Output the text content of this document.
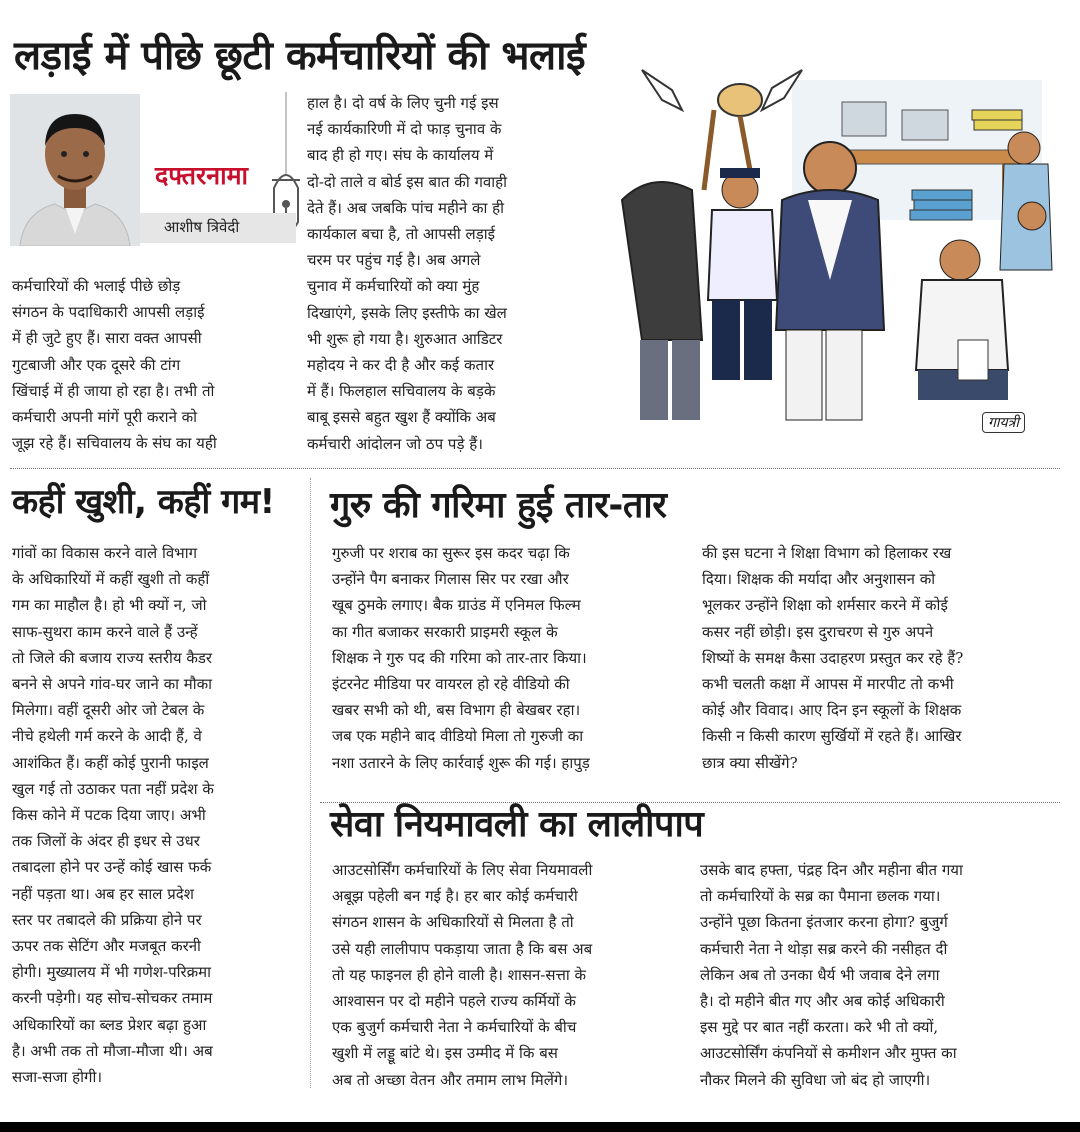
लड़ाई में पीछे छूटी कर्मचारियों की भलाई
दफ्तरनामा
आशीष त्रिवेदी

कर्मचारियों की भलाई पीछे छोड़
संगठन के पदाधिकारी आपसी लड़ाई
में ही जुटे हुए हैं। सारा वक्त आपसी
गुटबाजी और एक दूसरे की टांग
खिंचाई में ही जाया हो रहा है। तभी तो
कर्मचारी अपनी मांगें पूरी कराने को
जूझ रहे हैं। सचिवालय के संघ का यही

हाल है। दो वर्ष के लिए चुनी गई इस
नई कार्यकारिणी में दो फाड़ चुनाव के
बाद ही हो गए। संघ के कार्यालय में
दो-दो ताले व बोर्ड इस बात की गवाही
देते हैं। अब जबकि पांच महीने का ही
कार्यकाल बचा है, तो आपसी लड़ाई
चरम पर पहुंच गई है। अब अगले
चुनाव में कर्मचारियों को क्या मुंह
दिखाएंगे, इसके लिए इस्तीफे का खेल
भी शुरू हो गया है। शुरुआत आडिटर
महोदय ने कर दी है और कई कतार
में हैं। फिलहाल सचिवालय के बड़के
बाबू इससे बहुत खुश हैं क्योंकि अब
कर्मचारी आंदोलन जो ठप पड़े हैं।

गायत्री
कहीं खुशी, कहीं गम!

गांवों का विकास करने वाले विभाग
के अधिकारियों में कहीं खुशी तो कहीं
गम का माहौल है। हो भी क्यों न, जो
साफ-सुथरा काम करने वाले हैं उन्हें
तो जिले की बजाय राज्य स्तरीय कैडर
बनने से अपने गांव-घर जाने का मौका
मिलेगा। वहीं दूसरी ओर जो टेबल के
नीचे हथेली गर्म करने के आदी हैं, वे
आशंकित हैं। कहीं कोई पुरानी फाइल
खुल गई तो उठाकर पता नहीं प्रदेश के
किस कोने में पटक दिया जाए। अभी
तक जिलों के अंदर ही इधर से उधर
तबादला होने पर उन्हें कोई खास फर्क
नहीं पड़ता था। अब हर साल प्रदेश
स्तर पर तबादले की प्रक्रिया होने पर
ऊपर तक सेटिंग और मजबूत करनी
होगी। मुख्यालय में भी गणेश-परिक्रमा
करनी पड़ेगी। यह सोच-सोचकर तमाम
अधिकारियों का ब्लड प्रेशर बढ़ा हुआ
है। अभी तक तो मौजा-मौजा थी। अब
सजा-सजा होगी।

गुरु की गरिमा हुई तार-तार

गुरुजी पर शराब का सुरूर इस कदर चढ़ा कि
उन्होंने पैग बनाकर गिलास सिर पर रखा और
खूब ठुमके लगाए। बैक ग्राउंड में एनिमल फिल्म
का गीत बजाकर सरकारी प्राइमरी स्कूल के
शिक्षक ने गुरु पद की गरिमा को तार-तार किया।
इंटरनेट मीडिया पर वायरल हो रहे वीडियो की
खबर सभी को थी, बस विभाग ही बेखबर रहा।
जब एक महीने बाद वीडियो मिला तो गुरुजी का
नशा उतारने के लिए कार्रवाई शुरू की गई। हापुड़

की इस घटना ने शिक्षा विभाग को हिलाकर रख
दिया। शिक्षक की मर्यादा और अनुशासन को
भूलकर उन्होंने शिक्षा को शर्मसार करने में कोई
कसर नहीं छोड़ी। इस दुराचरण से गुरु अपने
शिष्यों के समक्ष कैसा उदाहरण प्रस्तुत कर रहे हैं?
कभी चलती कक्षा में आपस में मारपीट तो कभी
कोई और विवाद। आए दिन इन स्कूलों के शिक्षक
किसी न किसी कारण सुर्खियों में रहते हैं। आखिर
छात्र क्या सीखेंगे?

सेवा नियमावली का लालीपाप

आउटसोर्सिंग कर्मचारियों के लिए सेवा नियमावली
अबूझ पहेली बन गई है। हर बार कोई कर्मचारी
संगठन शासन के अधिकारियों से मिलता है तो
उसे यही लालीपाप पकड़ाया जाता है कि बस अब
तो यह फाइनल ही होने वाली है। शासन-सत्ता के
आश्वासन पर दो महीने पहले राज्य कर्मियों के
एक बुजुर्ग कर्मचारी नेता ने कर्मचारियों के बीच
खुशी में लड्डू बांटे थे। इस उम्मीद में कि बस
अब तो अच्छा वेतन और तमाम लाभ मिलेंगे।

उसके बाद हफ्ता, पंद्रह दिन और महीना बीत गया
तो कर्मचारियों के सब्र का पैमाना छलक गया।
उन्होंने पूछा कितना इंतजार करना होगा? बुजुर्ग
कर्मचारी नेता ने थोड़ा सब्र करने की नसीहत दी
लेकिन अब तो उनका धैर्य भी जवाब देने लगा
है। दो महीने बीत गए और अब कोई अधिकारी
इस मुद्दे पर बात नहीं करता। करे भी तो क्यों,
आउटसोर्सिंग कंपनियों से कमीशन और मुफ्त का
नौकर मिलने की सुविधा जो बंद हो जाएगी।
